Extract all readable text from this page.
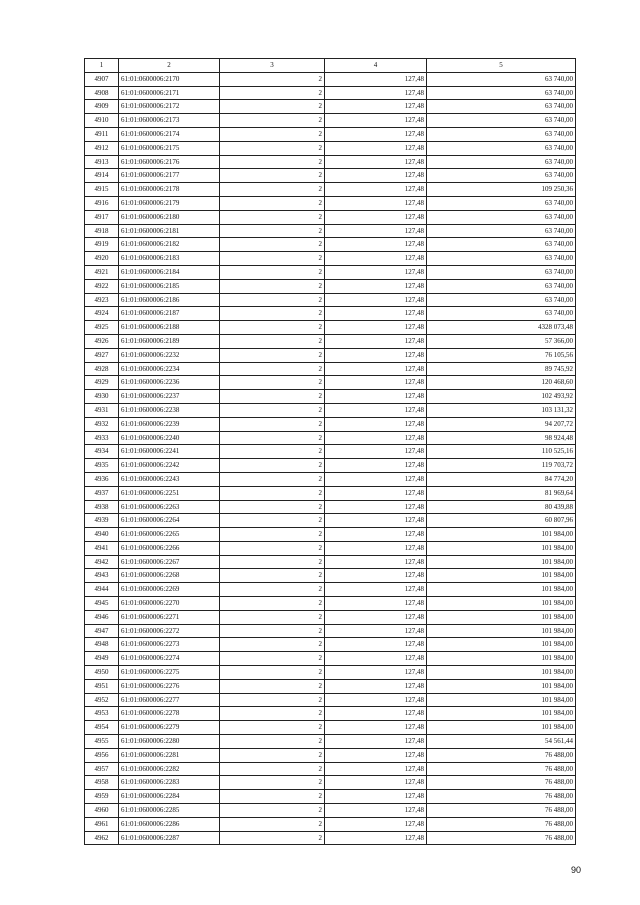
1	2	3	4	5
4907	61:01:0600006:2170	2	127,48	63 740,00
4908	61:01:0600006:2171	2	127,48	63 740,00
4909	61:01:0600006:2172	2	127,48	63 740,00
4910	61:01:0600006:2173	2	127,48	63 740,00
4911	61:01:0600006:2174	2	127,48	63 740,00
4912	61:01:0600006:2175	2	127,48	63 740,00
4913	61:01:0600006:2176	2	127,48	63 740,00
4914	61:01:0600006:2177	2	127,48	63 740,00
4915	61:01:0600006:2178	2	127,48	109 250,36
4916	61:01:0600006:2179	2	127,48	63 740,00
4917	61:01:0600006:2180	2	127,48	63 740,00
4918	61:01:0600006:2181	2	127,48	63 740,00
4919	61:01:0600006:2182	2	127,48	63 740,00
4920	61:01:0600006:2183	2	127,48	63 740,00
4921	61:01:0600006:2184	2	127,48	63 740,00
4922	61:01:0600006:2185	2	127,48	63 740,00
4923	61:01:0600006:2186	2	127,48	63 740,00
4924	61:01:0600006:2187	2	127,48	63 740,00
4925	61:01:0600006:2188	2	127,48	4328 073,48
4926	61:01:0600006:2189	2	127,48	57 366,00
4927	61:01:0600006:2232	2	127,48	76 105,56
4928	61:01:0600006:2234	2	127,48	89 745,92
4929	61:01:0600006:2236	2	127,48	120 468,60
4930	61:01:0600006:2237	2	127,48	102 493,92
4931	61:01:0600006:2238	2	127,48	103 131,32
4932	61:01:0600006:2239	2	127,48	94 207,72
4933	61:01:0600006:2240	2	127,48	98 924,48
4934	61:01:0600006:2241	2	127,48	110 525,16
4935	61:01:0600006:2242	2	127,48	119 703,72
4936	61:01:0600006:2243	2	127,48	84 774,20
4937	61:01:0600006:2251	2	127,48	81 969,64
4938	61:01:0600006:2263	2	127,48	80 439,88
4939	61:01:0600006:2264	2	127,48	60 807,96
4940	61:01:0600006:2265	2	127,48	101 984,00
4941	61:01:0600006:2266	2	127,48	101 984,00
4942	61:01:0600006:2267	2	127,48	101 984,00
4943	61:01:0600006:2268	2	127,48	101 984,00
4944	61:01:0600006:2269	2	127,48	101 984,00
4945	61:01:0600006:2270	2	127,48	101 984,00
4946	61:01:0600006:2271	2	127,48	101 984,00
4947	61:01:0600006:2272	2	127,48	101 984,00
4948	61:01:0600006:2273	2	127,48	101 984,00
4949	61:01:0600006:2274	2	127,48	101 984,00
4950	61:01:0600006:2275	2	127,48	101 984,00
4951	61:01:0600006:2276	2	127,48	101 984,00
4952	61:01:0600006:2277	2	127,48	101 984,00
4953	61:01:0600006:2278	2	127,48	101 984,00
4954	61:01:0600006:2279	2	127,48	101 984,00
4955	61:01:0600006:2280	2	127,48	54 561,44
4956	61:01:0600006:2281	2	127,48	76 488,00
4957	61:01:0600006:2282	2	127,48	76 488,00
4958	61:01:0600006:2283	2	127,48	76 488,00
4959	61:01:0600006:2284	2	127,48	76 488,00
4960	61:01:0600006:2285	2	127,48	76 488,00
4961	61:01:0600006:2286	2	127,48	76 488,00
4962	61:01:0600006:2287	2	127,48	76 488,00
90
